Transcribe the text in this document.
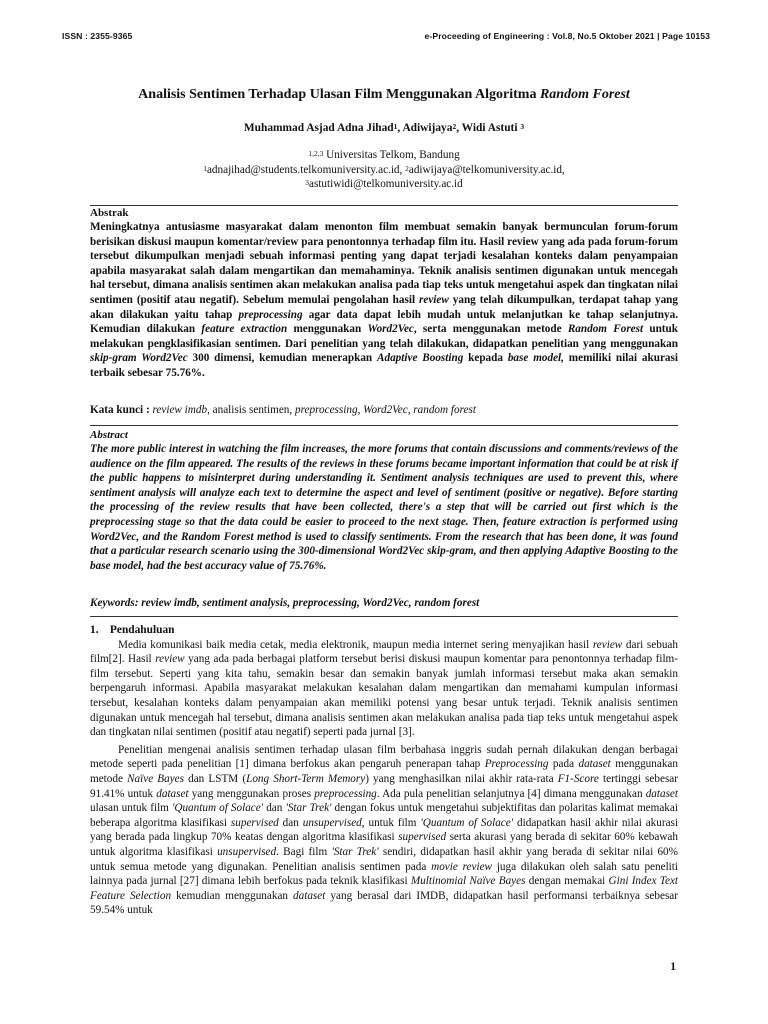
ISSN : 2355-9365	e-Proceeding of Engineering : Vol.8, No.5 Oktober 2021 | Page 10153

Analisis Sentimen Terhadap Ulasan Film Menggunakan Algoritma Random Forest

Muhammad Asjad Adna Jihad$^1$, Adiwijaya$^2$, Widi Astuti $^3$
$^{1,2,3}$ Universitas Telkom, Bandung
$^1$adnajihad@students.telkomuniversity.ac.id, $^2$adiwijaya@telkomuniversity.ac.id,
$^3$astutiwidi@telkomuniversity.ac.id
Abstrak

Meningkatnya antusiasme masyarakat dalam menonton film membuat semakin banyak bermunculan forum-forum berisikan diskusi maupun komentar/review para penontonnya terhadap film itu. Hasil review yang ada pada forum-forum tersebut dikumpulkan menjadi sebuah informasi penting yang dapat terjadi kesalahan konteks dalam penyampaian apabila masyarakat salah dalam mengartikan dan memahaminya. Teknik analisis sentimen digunakan untuk mencegah hal tersebut, dimana analisis sentimen akan melakukan analisa pada tiap teks untuk mengetahui aspek dan tingkatan nilai sentimen (positif atau negatif). Sebelum memulai pengolahan hasil review yang telah dikumpulkan, terdapat tahap yang akan dilakukan yaitu tahap preprocessing agar data dapat lebih mudah untuk melanjutkan ke tahap selanjutnya. Kemudian dilakukan feature extraction menggunakan Word2Vec, serta menggunakan metode Random Forest untuk melakukan pengklasifikasian sentimen. Dari penelitian yang telah dilakukan, didapatkan penelitian yang menggunakan skip-gram Word2Vec 300 dimensi, kemudian menerapkan Adaptive Boosting kepada base model, memiliki nilai akurasi terbaik sebesar 75.76%.

Kata kunci : review imdb, analisis sentimen, preprocessing, Word2Vec, random forest
Abstract

The more public interest in watching the film increases, the more forums that contain discussions and comments/reviews of the audience on the film appeared. The results of the reviews in these forums became important information that could be at risk if the public happens to misinterpret during understanding it. Sentiment analysis techniques are used to prevent this, where sentiment analysis will analyze each text to determine the aspect and level of sentiment (positive or negative). Before starting the processing of the review results that have been collected, there's a step that will be carried out first which is the preprocessing stage so that the data could be easier to proceed to the next stage. Then, feature extraction is performed using Word2Vec, and the Random Forest method is used to classify sentiments. From the research that has been done, it was found that a particular research scenario using the 300-dimensional Word2Vec skip-gram, and then applying Adaptive Boosting to the base model, had the best accuracy value of 75.76%.

Keywords: review imdb, sentiment analysis, preprocessing, Word2Vec, random forest
1.    Pendahuluan

Media komunikasi baik media cetak, media elektronik, maupun media internet sering menyajikan hasil review dari sebuah film[2]. Hasil review yang ada pada berbagai platform tersebut berisi diskusi maupun komentar para penontonnya terhadap film-film tersebut. Seperti yang kita tahu, semakin besar dan semakin banyak jumlah informasi tersebut maka akan semakin berpengaruh informasi. Apabila masyarakat melakukan kesalahan dalam mengartikan dan memahami kumpulan informasi tersebut, kesalahan konteks dalam penyampaian akan memiliki potensi yang besar untuk terjadi. Teknik analisis sentimen digunakan untuk mencegah hal tersebut, dimana analisis sentimen akan melakukan analisa pada tiap teks untuk mengetahui aspek dan tingkatan nilai sentimen (positif atau negatif) seperti pada jurnal [3].

Penelitian mengenai analisis sentimen terhadap ulasan film berbahasa inggris sudah pernah dilakukan dengan berbagai metode seperti pada penelitian [1] dimana berfokus akan pengaruh penerapan tahap Preprocessing pada dataset menggunakan metode Naïve Bayes dan LSTM (Long Short-Term Memory) yang menghasilkan nilai akhir rata-rata F1-Score tertinggi sebesar 91.41% untuk dataset yang menggunakan proses preprocessing. Ada pula penelitian selanjutnya [4] dimana menggunakan dataset ulasan untuk film 'Quantum of Solace' dan 'Star Trek' dengan fokus untuk mengetahui subjektifitas dan polaritas kalimat memakai beberapa algoritma klasifikasi supervised dan unsupervised, untuk film 'Quantum of Solace' didapatkan hasil akhir nilai akurasi yang berada pada lingkup 70% keatas dengan algoritma klasifikasi supervised serta akurasi yang berada di sekitar 60% kebawah untuk algoritma klasifikasi unsupervised. Bagi film 'Star Trek' sendiri, didapatkan hasil akhir yang berada di sekitar nilai 60% untuk semua metode yang digunakan. Penelitian analisis sentimen pada movie review juga dilakukan oleh salah satu peneliti lainnya pada jurnal [27] dimana lebih berfokus pada teknik klasifikasi Multinomial Naïve Bayes dengan memakai Gini Index Text Feature Selection kemudian menggunakan dataset yang berasal dari IMDB, didapatkan hasil performansi terbaiknya sebesar 59.54% untuk

1
